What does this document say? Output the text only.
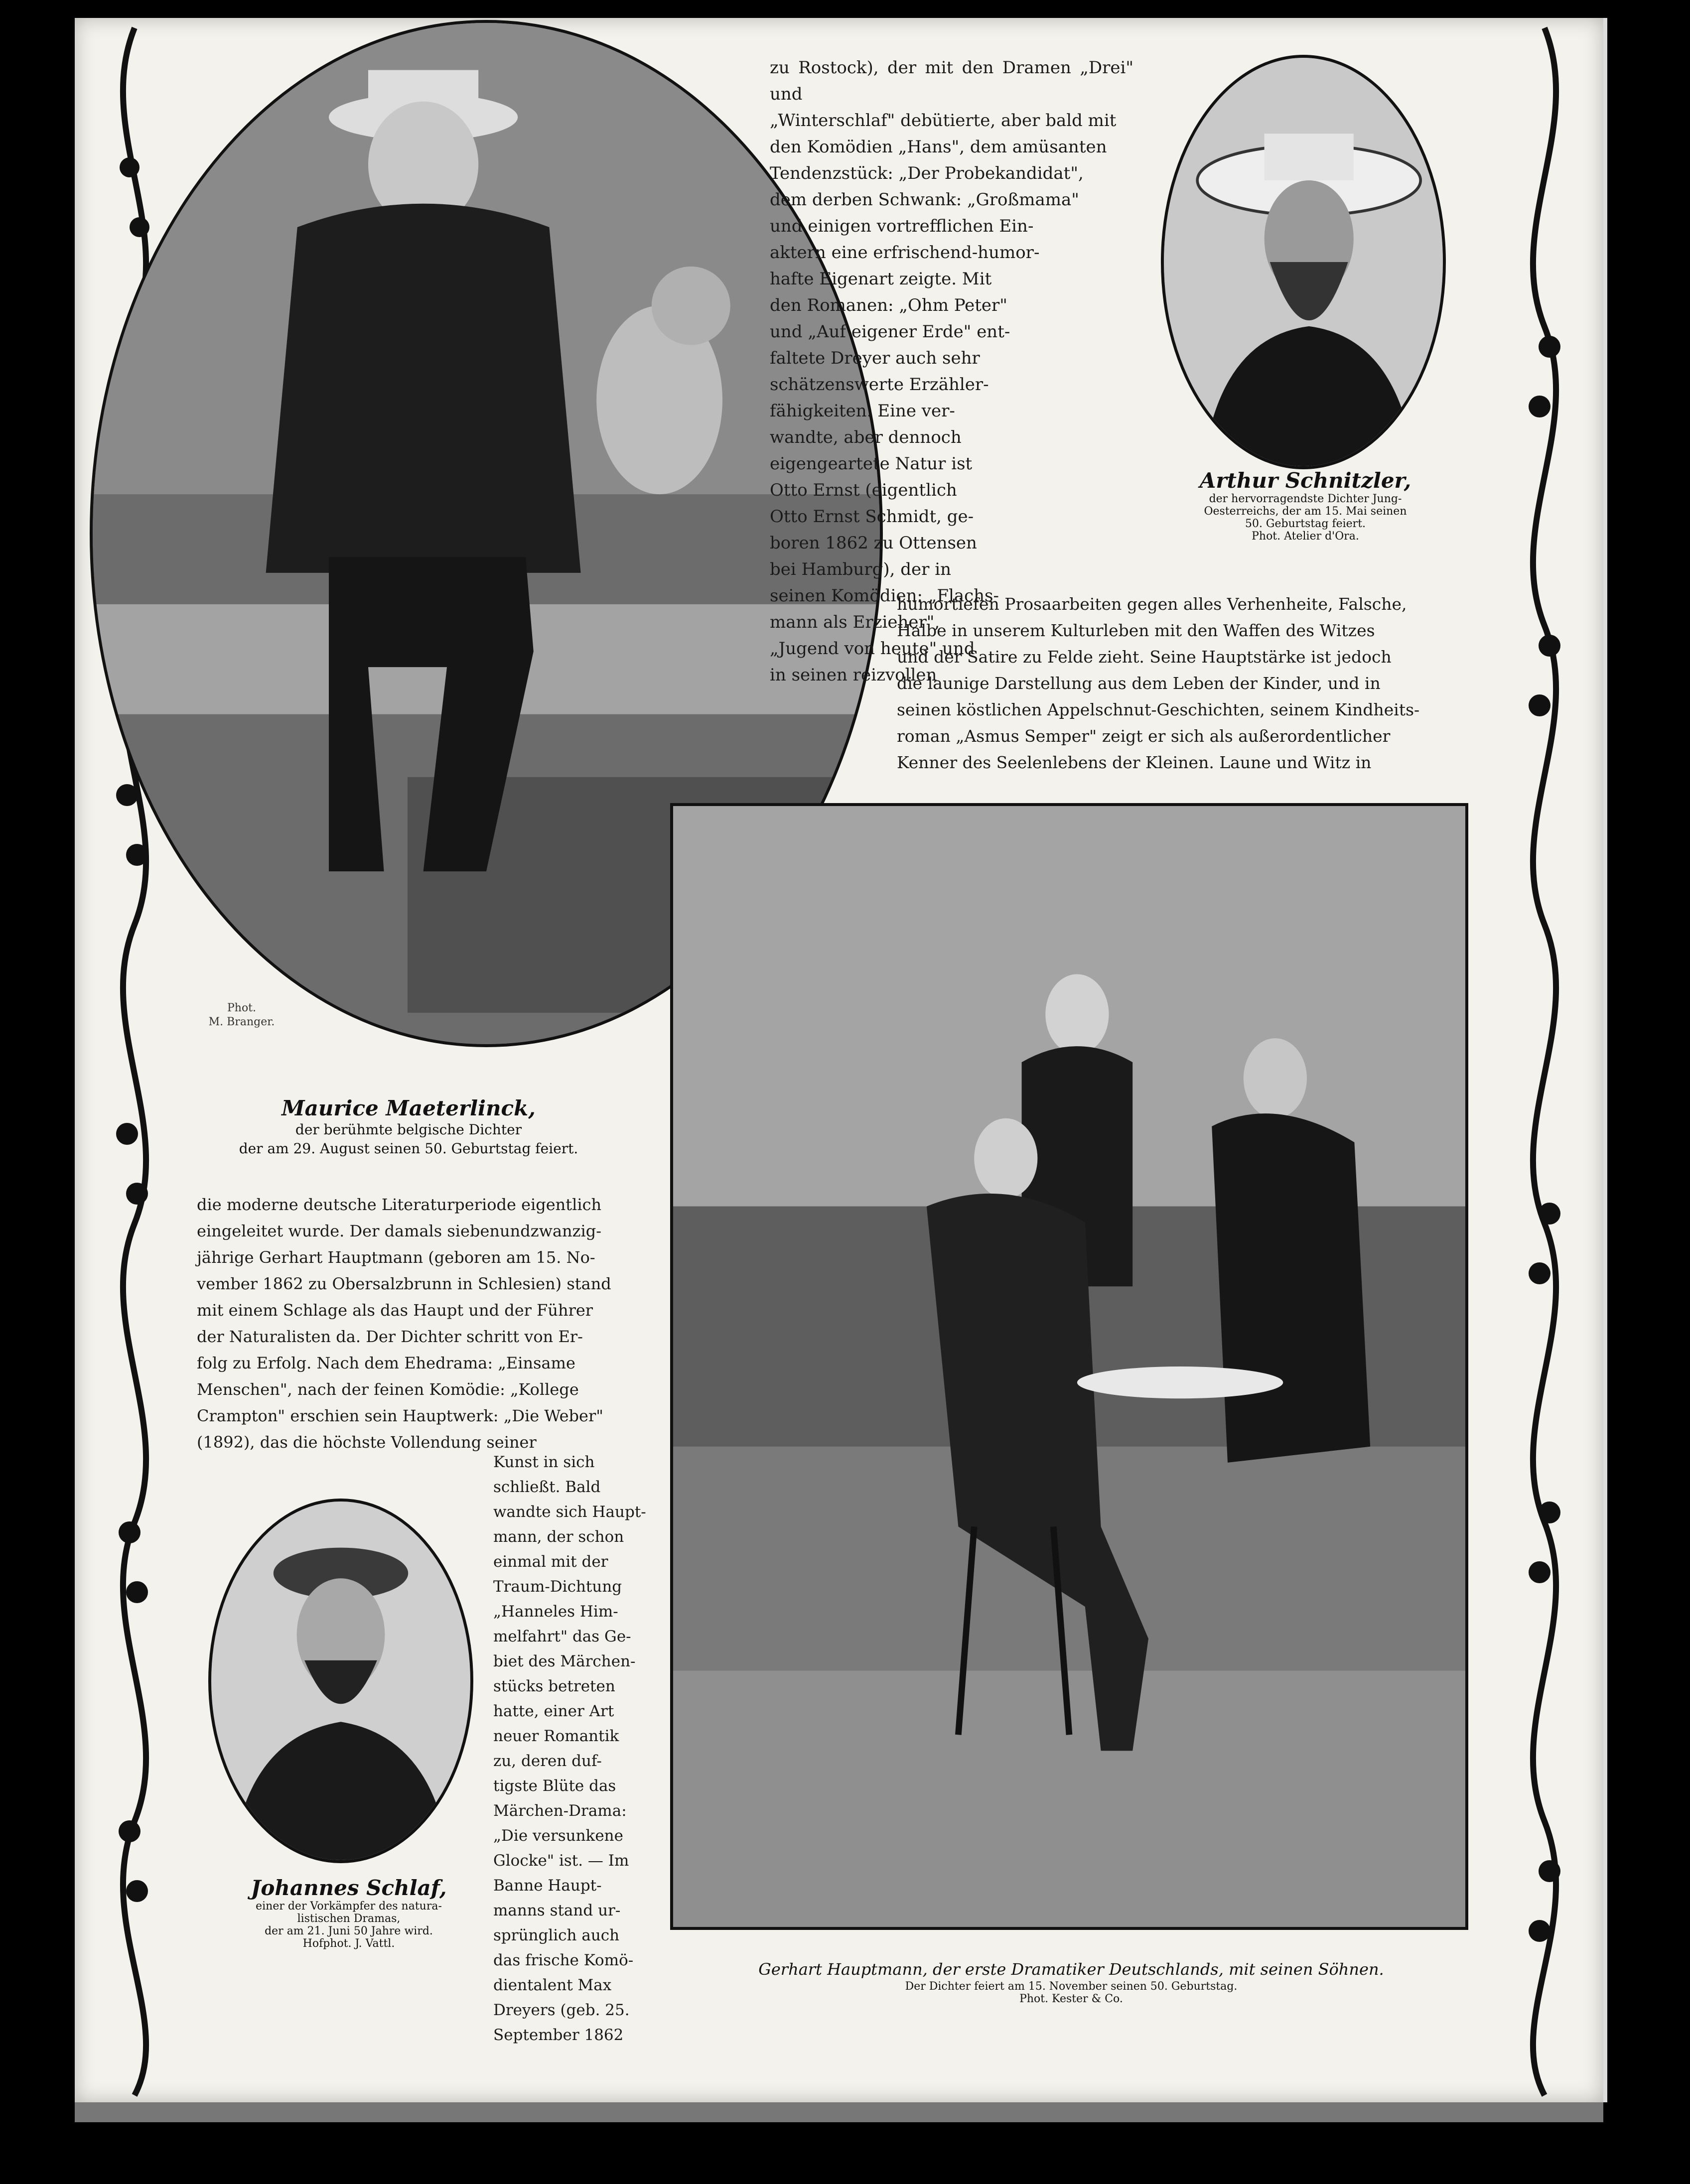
Phot.
M. Branger.
Maurice Maeterlinck,
der berühmte belgische Dichter
der am 29. August seinen 50. Geburtstag feiert.
Arthur Schnitzler,
der hervorragendste Dichter Jung-
Oesterreichs, der am 15. Mai seinen
50. Geburtstag feiert.
Phot. Atelier d'Ora.
Gerhart Hauptmann, der erste Dramatiker Deutschlands, mit seinen Söhnen.
Der Dichter feiert am 15. November seinen 50. Geburtstag.
Phot. Kester & Co.
Johannes Schlaf,
einer der Vorkämpfer des natura-
listischen Dramas,
der am 21. Juni 50 Jahre wird.
Hofphot. J. Vattl.

zu Rostock), der mit den Dramen „Drei" und

„Winterschlaf" debütierte, aber bald mit

den Komödien „Hans", dem amüsanten

Tendenzstück: „Der Probekandidat",

dem derben Schwank: „Großmama"

und einigen vortrefflichen Ein-

aktern eine erfrischend-humor-

hafte Eigenart zeigte. Mit

den Romanen: „Ohm Peter"

und „Auf eigener Erde" ent-

faltete Dreyer auch sehr

schätzenswerte Erzähler-

fähigkeiten. Eine ver-

wandte, aber dennoch

eigengeartete Natur ist

Otto Ernst (eigentlich

Otto Ernst Schmidt, ge-

boren 1862 zu Ottensen

bei Hamburg), der in

seinen Komödien: „Flachs-

mann als Erzieher",

„Jugend von heute" und

in seinen reizvollen

humortiefen Prosaarbeiten gegen alles Verhenheite, Falsche,

Halbe in unserem Kulturleben mit den Waffen des Witzes

und der Satire zu Felde zieht. Seine Hauptstärke ist jedoch

die launige Darstellung aus dem Leben der Kinder, und in

seinen köstlichen Appelschnut-Geschichten, seinem Kindheits-

roman „Asmus Semper" zeigt er sich als außerordentlicher

Kenner des Seelenlebens der Kleinen. Laune und Witz in

die moderne deutsche Literaturperiode eigentlich

eingeleitet wurde. Der damals siebenundzwanzig-

jährige Gerhart Hauptmann (geboren am 15. No-

vember 1862 zu Obersalzbrunn in Schlesien) stand

mit einem Schlage als das Haupt und der Führer

der Naturalisten da. Der Dichter schritt von Er-

folg zu Erfolg. Nach dem Ehedrama: „Einsame

Menschen", nach der feinen Komödie: „Kollege

Crampton" erschien sein Hauptwerk: „Die Weber"

(1892), das die höchste Vollendung seiner

Kunst in sich

schließt. Bald

wandte sich Haupt-

mann, der schon

einmal mit der

Traum-Dichtung

„Hanneles Him-

melfahrt" das Ge-

biet des Märchen-

stücks betreten

hatte, einer Art

neuer Romantik

zu, deren duf-

tigste Blüte das

Märchen-Drama:

„Die versunkene

Glocke" ist. — Im

Banne Haupt-

manns stand ur-

sprünglich auch

das frische Komö-

dientalent Max

Dreyers (geb. 25.

September 1862
